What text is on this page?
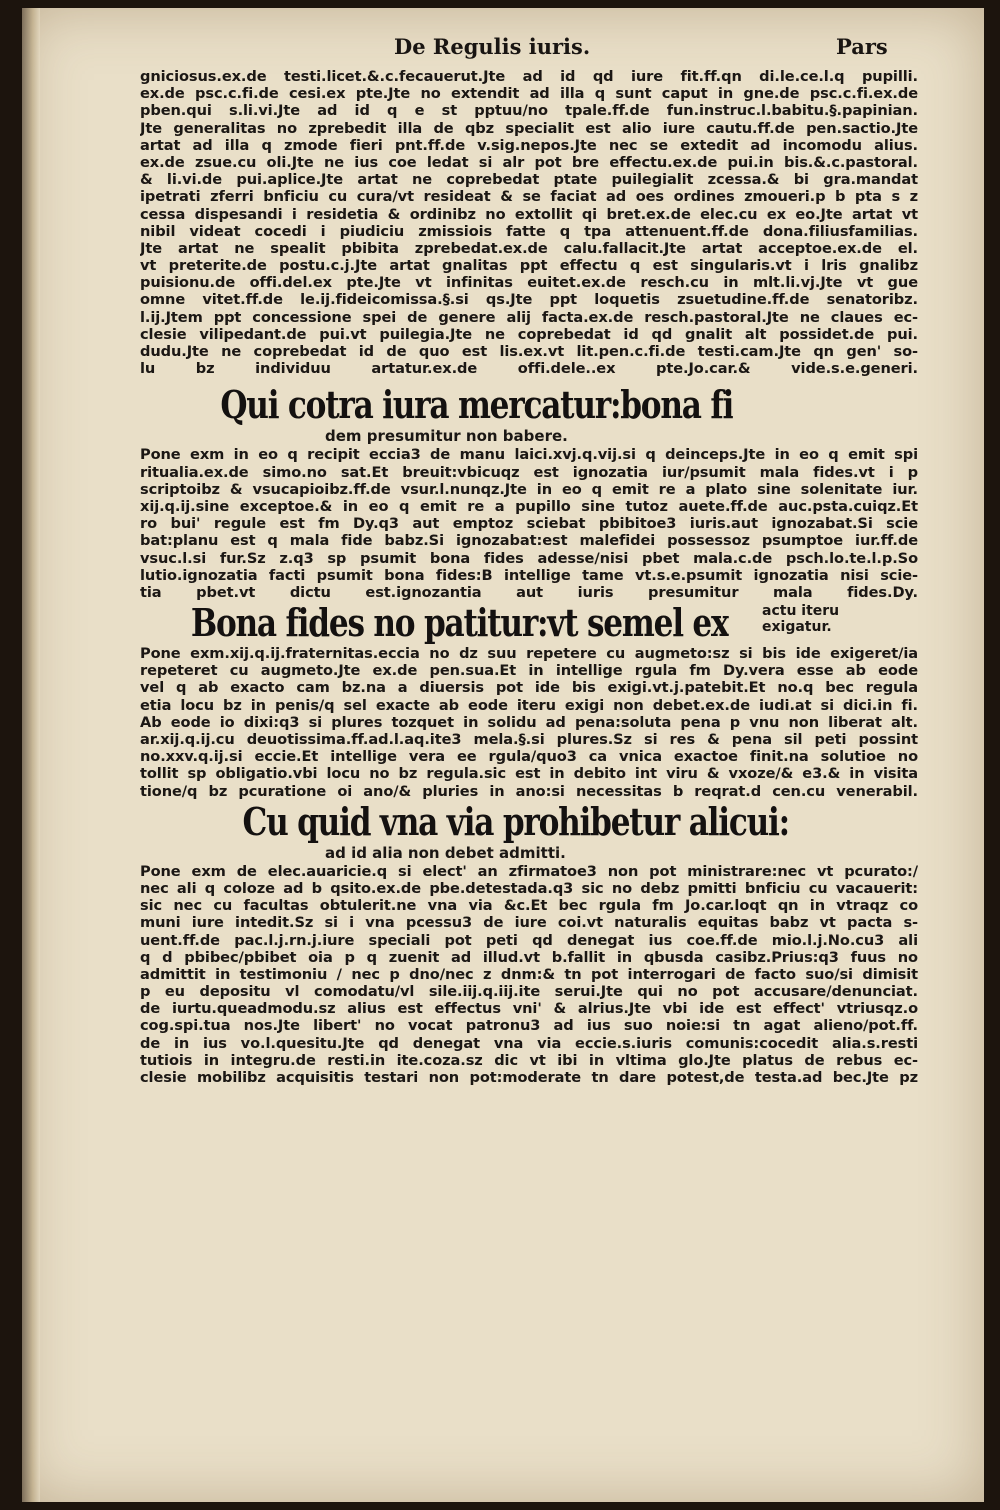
De Regulis iuris.	Pars
gniciosus.ex.de testi.licet.&.c.fecauerut.Jte ad id qd iure fit.ff.qn di.le.ce.l.q pupilli.
ex.de psc.c.fi.de cesi.ex pte.Jte no extendit ad illa q sunt caput in gne.de psc.c.fi.ex.de
pben.qui s.li.vi.Jte ad id q e st pptuu/no tpale.ff.de fun.instruc.l.babitu.§.papinian.
Jte generalitas no zprebedit illa de qbz specialit est alio iure cautu.ff.de pen.sactio.Jte
artat ad illa q zmode fieri pnt.ff.de v.sig.nepos.Jte nec se extedit ad incomodu alius.
ex.de zsue.cu oli.Jte ne ius coe ledat si alr pot bre effectu.ex.de pui.in bis.&.c.pastoral.
& li.vi.de pui.aplice.Jte artat ne coprebedat ptate puilegialit zcessa.& bi gra.mandat
ipetrati zferri bnficiu cu cura/vt resideat & se faciat ad oes ordines zmoueri.p b pta s z
cessa dispesandi i residetia & ordinibz no extollit qi bret.ex.de elec.cu ex eo.Jte artat vt
nibil videat cocedi i piudiciu zmissiois fatte q tpa attenuent.ff.de dona.filiusfamilias.
Jte artat ne spealit pbibita zprebedat.ex.de calu.fallacit.Jte artat acceptoe.ex.de el.
vt preterite.de postu.c.j.Jte artat gnalitas ppt effectu q est singularis.vt i lris gnalibz
puisionu.de offi.del.ex pte.Jte vt infinitas euitet.ex.de resch.cu in mlt.li.vj.Jte vt gue
omne vitet.ff.de le.ij.fideicomissa.§.si qs.Jte ppt loquetis zsuetudine.ff.de senatoribz.
l.ij.Jtem ppt concessione spei de genere alij facta.ex.de resch.pastoral.Jte ne claues ec-
clesie vilipedant.de pui.vt puilegia.Jte ne coprebedat id qd gnalit alt possidet.de pui.
dudu.Jte ne coprebedat id de quo est lis.ex.vt lit.pen.c.fi.de testi.cam.Jte qn gen' so-
lu bz individuu artatur.ex.de offi.dele..ex pte.Jo.car.& vide.s.e.generi.
Qui cotra iura mercatur:bona fi
dem presumitur non babere.
Pone exm in eo q recipit eccia3 de manu laici.xvj.q.vij.si q deinceps.Jte in eo q emit spi
ritualia.ex.de simo.no sat.Et breuit:vbicuqz est ignozatia iur/psumit mala fides.vt i p
scriptoibz & vsucapioibz.ff.de vsur.l.nunqz.Jte in eo q emit re a plato sine solenitate iur.
xij.q.ij.sine exceptoe.& in eo q emit re a pupillo sine tutoz auete.ff.de auc.psta.cuiqz.Et
ro bui' regule est fm Dy.q3 aut emptoz sciebat pbibitoe3 iuris.aut ignozabat.Si scie
bat:planu est q mala fide babz.Si ignozabat:est malefidei possessoz psumptoe iur.ff.de
vsuc.l.si fur.Sz z.q3 sp psumit bona fides adesse/nisi pbet mala.c.de psch.lo.te.l.p.So
lutio.ignozatia facti psumit bona fides:B intellige tame vt.s.e.psumit ignozatia nisi scie-
tia pbet.vt dictu est.ignozantia aut iuris presumitur mala fides.Dy.
Bona fides no patitur:vt semel ex actu iteru
exigatur.
Pone exm.xij.q.ij.fraternitas.eccia no dz suu repetere cu augmeto:sz si bis ide exigeret/ia
repeteret cu augmeto.Jte ex.de pen.sua.Et in intellige rgula fm Dy.vera esse ab eode
vel q ab exacto cam bz.na a diuersis pot ide bis exigi.vt.j.patebit.Et no.q bec regula
etia locu bz in penis/q sel exacte ab eode iteru exigi non debet.ex.de iudi.at si dici.in fi.
Ab eode io dixi:q3 si plures tozquet in solidu ad pena:soluta pena p vnu non liberat alt.
ar.xij.q.ij.cu deuotissima.ff.ad.l.aq.ite3 mela.§.si plures.Sz si res & pena sil peti possint
no.xxv.q.ij.si eccie.Et intellige vera ee rgula/quo3 ca vnica exactoe finit.na solutioe no
tollit sp obligatio.vbi locu no bz regula.sic est in debito int viru & vxoze/& e3.& in visita
tione/q bz pcuratione oi ano/& pluries in ano:si necessitas b reqrat.d cen.cu venerabil.
Cu quid vna via prohibetur alicui:
ad id alia non debet admitti.
Pone exm de elec.auaricie.q si elect' an zfirmatoe3 non pot ministrare:nec vt pcurato:/
nec ali q coloze ad b qsito.ex.de pbe.detestada.q3 sic no debz pmitti bnficiu cu vacauerit:
sic nec cu facultas obtulerit.ne vna via &c.Et bec rgula fm Jo.car.loqt qn in vtraqz co
muni iure intedit.Sz si i vna pcessu3 de iure coi.vt naturalis equitas babz vt pacta s-
uent.ff.de pac.l.j.rn.j.iure speciali pot peti qd denegat ius coe.ff.de mio.l.j.No.cu3 ali
q d pbibec/pbibet oia p q zuenit ad illud.vt b.fallit in qbusda casibz.Prius:q3 fuus no
admittit in testimoniu / nec p dno/nec z dnm:& tn pot interrogari de facto suo/si dimisit
p eu depositu vl comodatu/vl sile.iij.q.iij.ite serui.Jte qui no pot accusare/denunciat.
de iurtu.queadmodu.sz alius est effectus vni' & alrius.Jte vbi ide est effect' vtriusqz.o
cog.spi.tua nos.Jte libert' no vocat patronu3 ad ius suo noie:si tn agat alieno/pot.ff.
de in ius vo.l.quesitu.Jte qd denegat vna via eccie.s.iuris comunis:cocedit alia.s.resti
tutiois in integru.de resti.in ite.coza.sz dic vt ibi in vltima glo.Jte platus de rebus ec-
clesie mobilibz acquisitis testari non pot:moderate tn dare potest,de testa.ad bec.Jte pz
